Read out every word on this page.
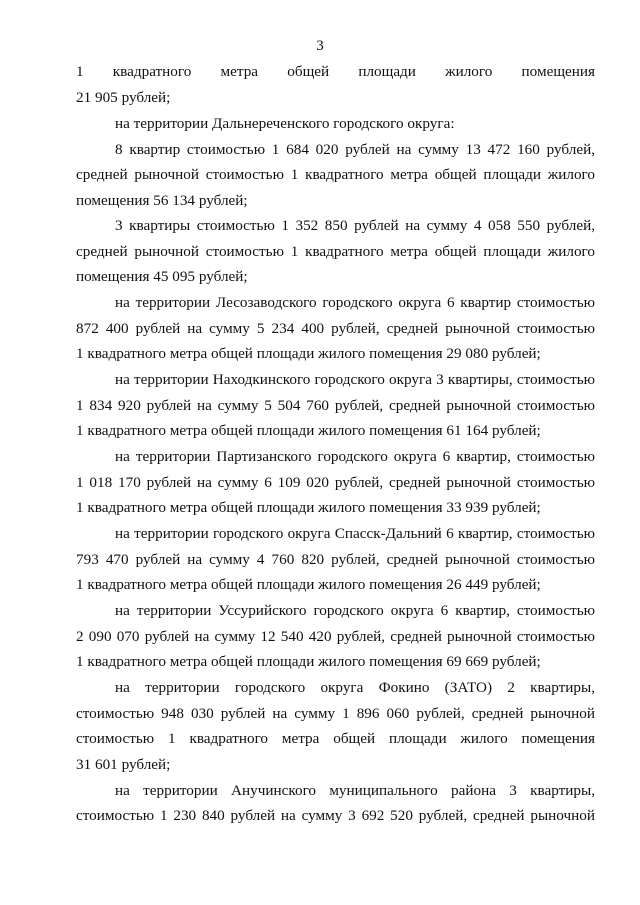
3
1 квадратного метра общей площади жилого помещения
21 905 рублей;
на территории Дальнереченского городского округа:
8 квартир стоимостью 1 684 020 рублей на сумму 13 472 160 рублей,
средней рыночной стоимостью 1 квадратного метра общей площади жилого
помещения 56 134 рублей;
3 квартиры стоимостью 1 352 850 рублей на сумму 4 058 550 рублей,
средней рыночной стоимостью 1 квадратного метра общей площади жилого
помещения 45 095 рублей;
на территории Лесозаводского городского округа 6 квартир стоимостью
872 400 рублей на сумму 5 234 400 рублей, средней рыночной стоимостью
1 квадратного метра общей площади жилого помещения 29 080 рублей;
на территории Находкинского городского округа 3 квартиры, стоимостью
1 834 920 рублей на сумму 5 504 760 рублей, средней рыночной стоимостью
1 квадратного метра общей площади жилого помещения 61 164 рублей;
на территории Партизанского городского округа 6 квартир, стоимостью
1 018 170 рублей на сумму 6 109 020 рублей, средней рыночной стоимостью
1 квадратного метра общей площади жилого помещения 33 939 рублей;
на территории городского округа Спасск-Дальний 6 квартир, стоимостью
793 470 рублей на сумму 4 760 820 рублей, средней рыночной стоимостью
1 квадратного метра общей площади жилого помещения 26 449 рублей;
на территории Уссурийского городского округа 6 квартир, стоимостью
2 090 070 рублей на сумму 12 540 420 рублей, средней рыночной стоимостью
1 квадратного метра общей площади жилого помещения 69 669 рублей;
на территории городского округа Фокино (ЗАТО) 2 квартиры,
стоимостью 948 030 рублей на сумму 1 896 060 рублей, средней рыночной
стоимостью 1 квадратного метра общей площади жилого помещения
31 601 рублей;
на территории Анучинского муниципального района 3 квартиры,
стоимостью 1 230 840 рублей на сумму 3 692 520 рублей, средней рыночной
